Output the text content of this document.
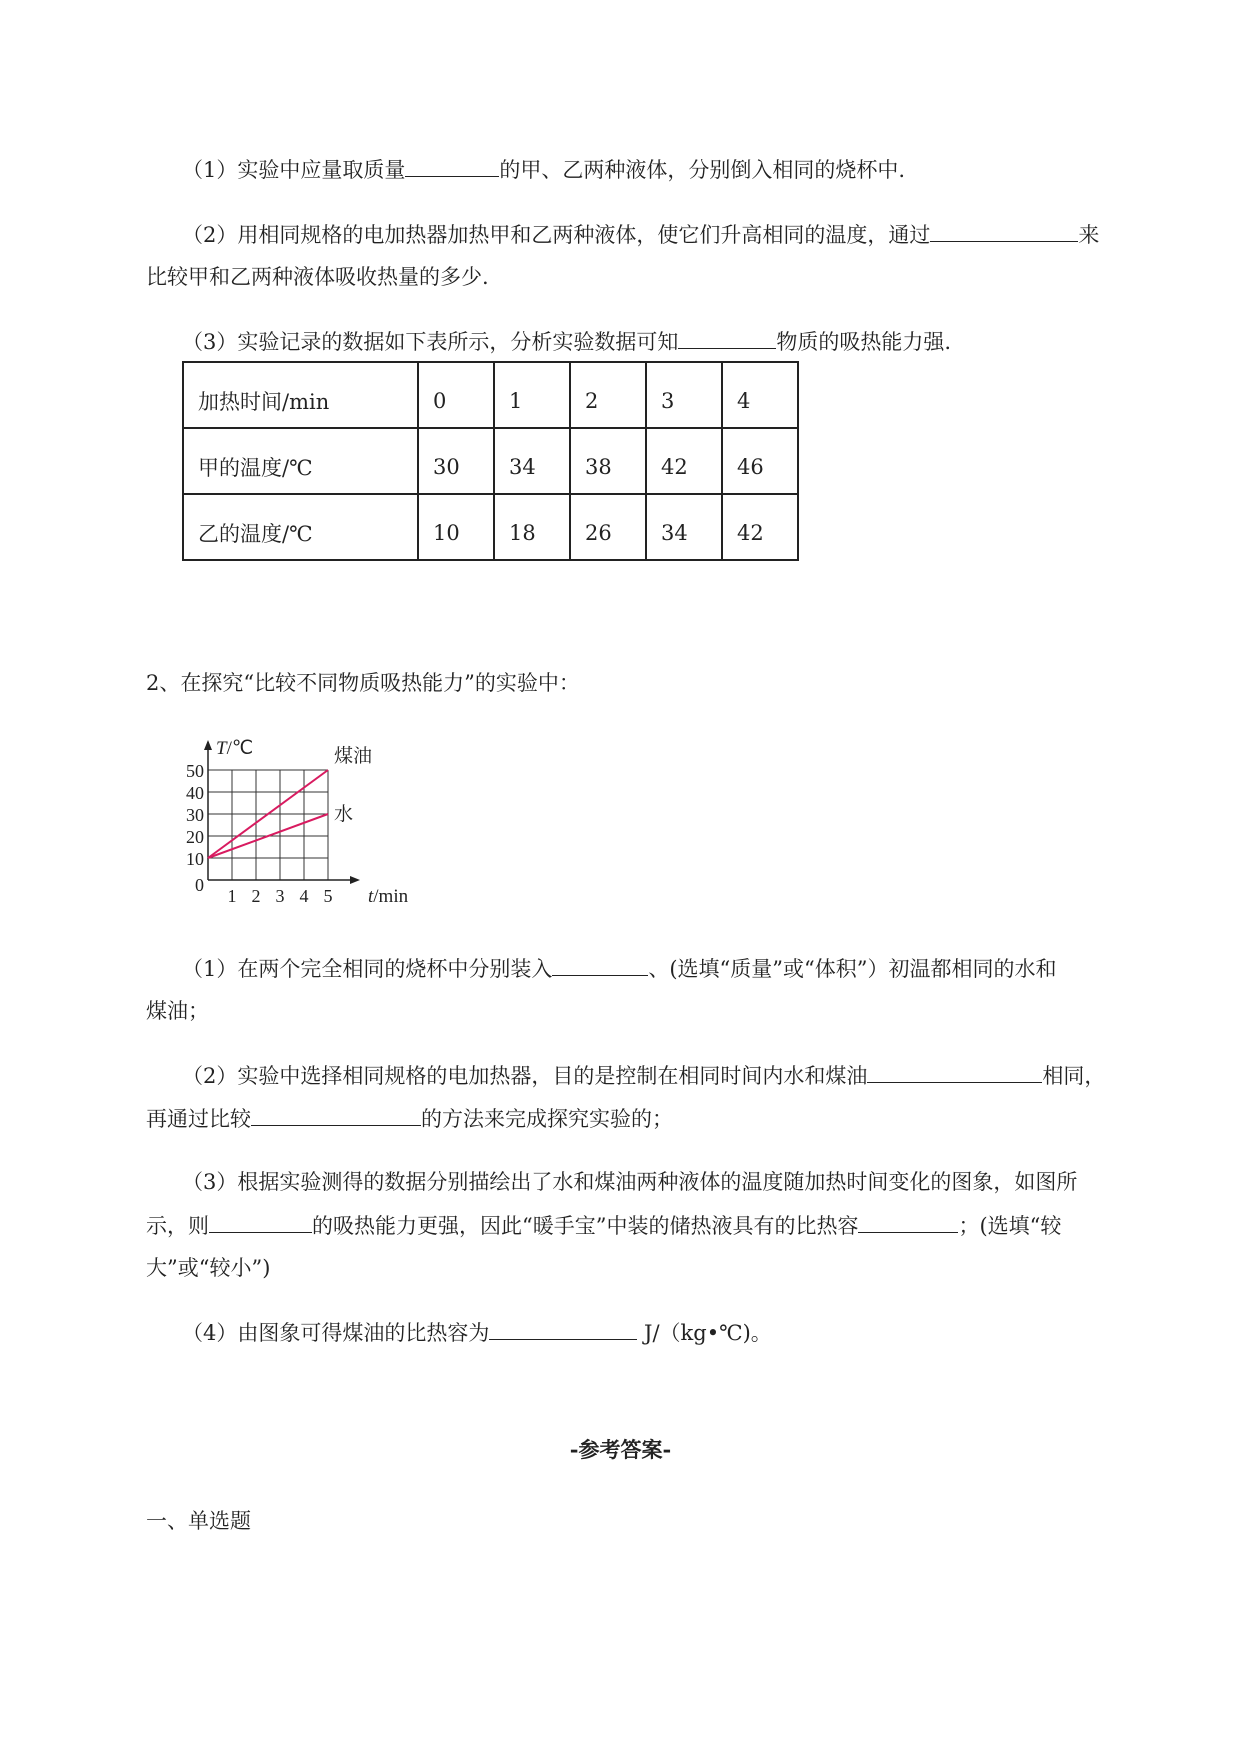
（1）实验中应量取质量	的甲、乙两种液体，分别倒入相同的烧杯中.
（2）用相同规格的电加热器加热甲和乙两种液体，使它们升高相同的温度，通过	来
比较甲和乙两种液体吸收热量的多少.
（3）实验记录的数据如下表所示，分析实验数据可知	物质的吸热能力强.
加热时间/min	0	1	2	3	4
甲的温度/℃	30	34	38	42	46
乙的温度/℃	10	18	26	34	42
2、在探究“比较不同物质吸热能力”的实验中：
0
10
20
30
40
50
1 2 3 4 5
T/℃
t/min
煤油
水
（1）在两个完全相同的烧杯中分别装入	、(选填“质量”或“体积”）初温都相同的水和
煤油；
（2）实验中选择相同规格的电加热器，目的是控制在相同时间内水和煤油	相同，
再通过比较	的方法来完成探究实验的；
（3）根据实验测得的数据分别描绘出了水和煤油两种液体的温度随加热时间变化的图象，如图所
示，则	的吸热能力更强，因此“暖手宝”中装的储热液具有的比热容	；(选填“较
大”或“较小”)
（4）由图象可得煤油的比热容为	J/（kg•℃)。
-参考答案-
一、单选题
